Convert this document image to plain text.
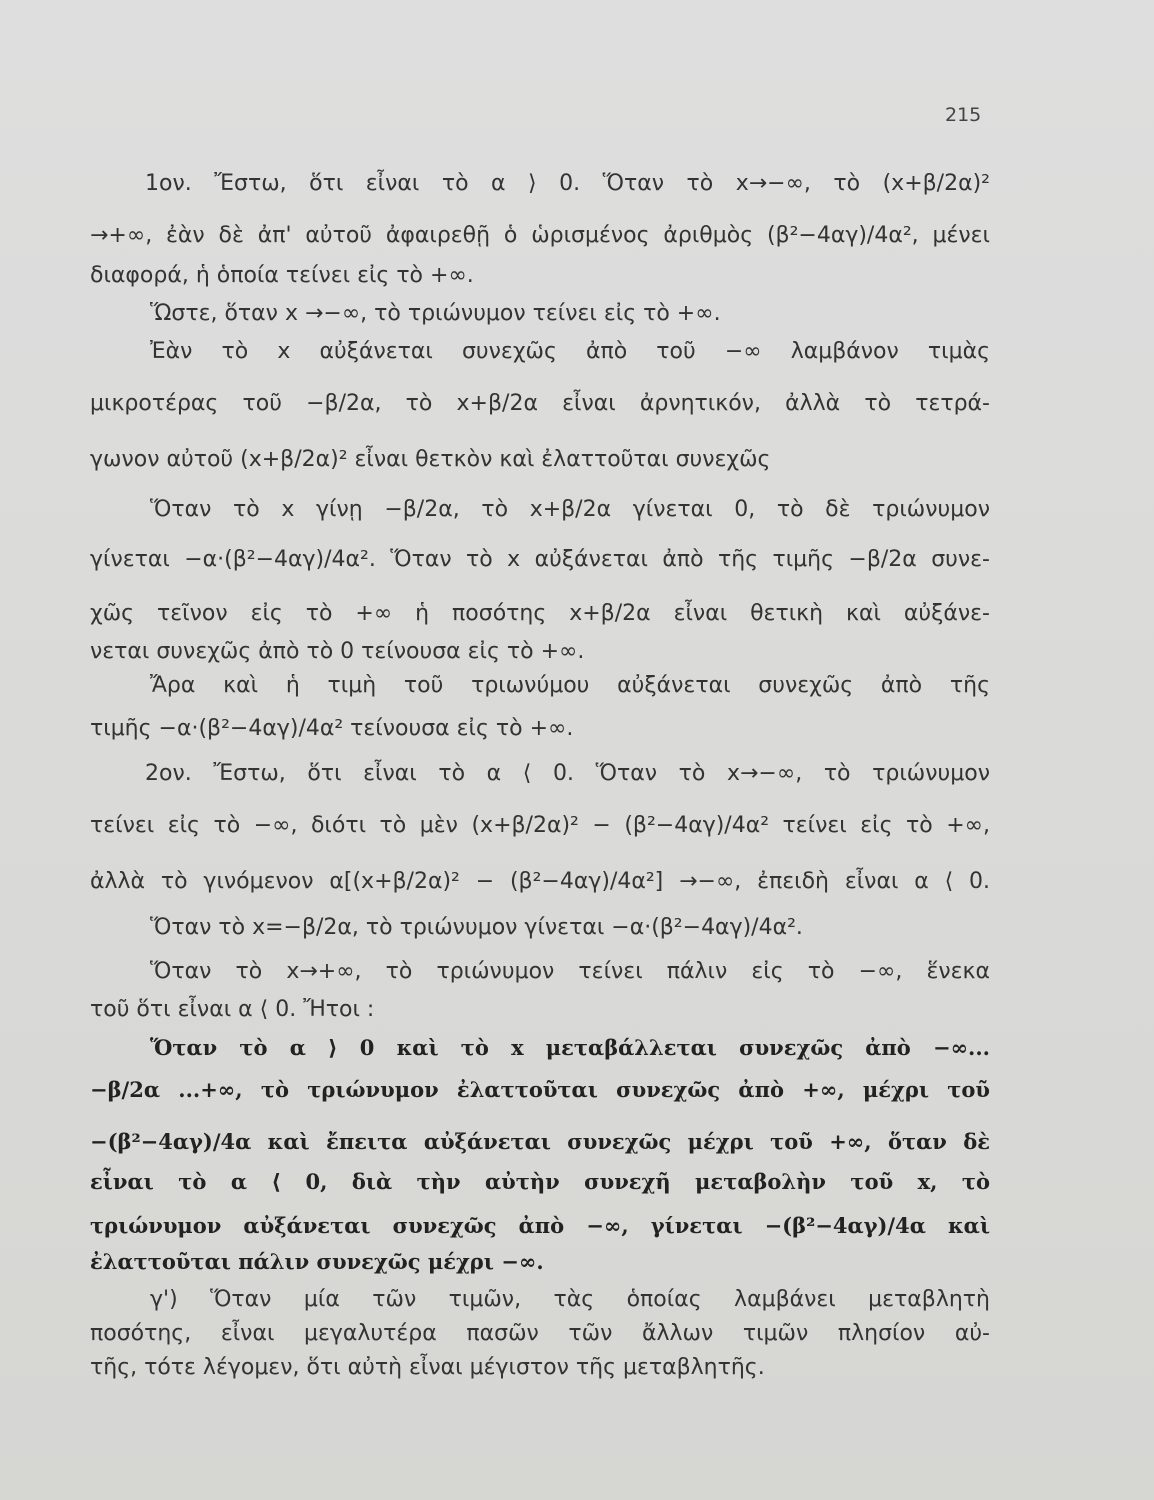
215
1ον. Ἔστω, ὅτι εἶναι τὸ α ⟩ 0. Ὅταν τὸ x→−∞, τὸ (x+β/2α)²
→+∞, ἐὰν δὲ ἀπ' αὐτοῦ ἀφαιρεθῇ ὁ ὡρισμένος ἀριθμὸς (β²−4αγ)/4α², μένει
διαφορά, ἡ ὁποία τείνει εἰς τὸ +∞.
Ὥστε, ὅταν x →−∞, τὸ τριώνυμον τείνει εἰς τὸ +∞.
Ἐὰν τὸ x αὐξάνεται συνεχῶς ἀπὸ τοῦ −∞ λαμβάνον τιμὰς
μικροτέρας τοῦ −β/2α, τὸ x+β/2α εἶναι ἀρνητικόν, ἀλλὰ τὸ τετρά-
γωνον αὐτοῦ (x+β/2α)² εἶναι θετκὸν καὶ ἐλαττοῦται συνεχῶς
Ὅταν τὸ x γίνῃ −β/2α, τὸ x+β/2α γίνεται 0, τὸ δὲ τριώνυμον
γίνεται −α·(β²−4αγ)/4α². Ὅταν τὸ x αὐξάνεται ἀπὸ τῆς τιμῆς −β/2α συνε-
χῶς τεῖνον εἰς τὸ +∞ ἡ ποσότης x+β/2α εἶναι θετικὴ καὶ αὐξάνε-
νεται συνεχῶς ἀπὸ τὸ 0 τείνουσα εἰς τὸ +∞.
Ἄρα καὶ ἡ τιμὴ τοῦ τριωνύμου αὐξάνεται συνεχῶς ἀπὸ τῆς
τιμῆς −α·(β²−4αγ)/4α² τείνουσα εἰς τὸ +∞.
2ον. Ἔστω, ὅτι εἶναι τὸ α ⟨ 0. Ὅταν τὸ x→−∞, τὸ τριώνυμον
τείνει εἰς τὸ −∞, διότι τὸ μὲν (x+β/2α)² − (β²−4αγ)/4α² τείνει εἰς τὸ +∞,
ἀλλὰ τὸ γινόμενον α[(x+β/2α)² − (β²−4αγ)/4α²] →−∞, ἐπειδὴ εἶναι α ⟨ 0.
Ὅταν τὸ x=−β/2α, τὸ τριώνυμον γίνεται −α·(β²−4αγ)/4α².
Ὅταν τὸ x→+∞, τὸ τριώνυμον τείνει πάλιν εἰς τὸ −∞, ἕνεκα
τοῦ ὅτι εἶναι α ⟨ 0. Ἤτοι :
Ὅταν τὸ α ⟩ 0 καὶ τὸ x μεταβάλλεται συνεχῶς ἀπὸ −∞...
−β/2α ...+∞, τὸ τριώνυμον ἐλαττοῦται συνεχῶς ἀπὸ +∞, μέχρι τοῦ
−(β²−4αγ)/4α καὶ ἔπειτα αὐξάνεται συνεχῶς μέχρι τοῦ +∞, ὅταν δὲ
εἶναι τὸ α ⟨ 0, διὰ τὴν αὐτὴν συνεχῆ μεταβολὴν τοῦ x, τὸ
τριώνυμον αὐξάνεται συνεχῶς ἀπὸ −∞, γίνεται −(β²−4αγ)/4α καὶ
ἐλαττοῦται πάλιν συνεχῶς μέχρι −∞.
γ') Ὅταν μία τῶν τιμῶν, τὰς ὁποίας λαμβάνει μεταβλητὴ
ποσότης, εἶναι μεγαλυτέρα πασῶν τῶν ἄλλων τιμῶν πλησίον αὐ-
τῆς, τότε λέγομεν, ὅτι αὐτὴ εἶναι μέγιστον τῆς μεταβλητῆς.
